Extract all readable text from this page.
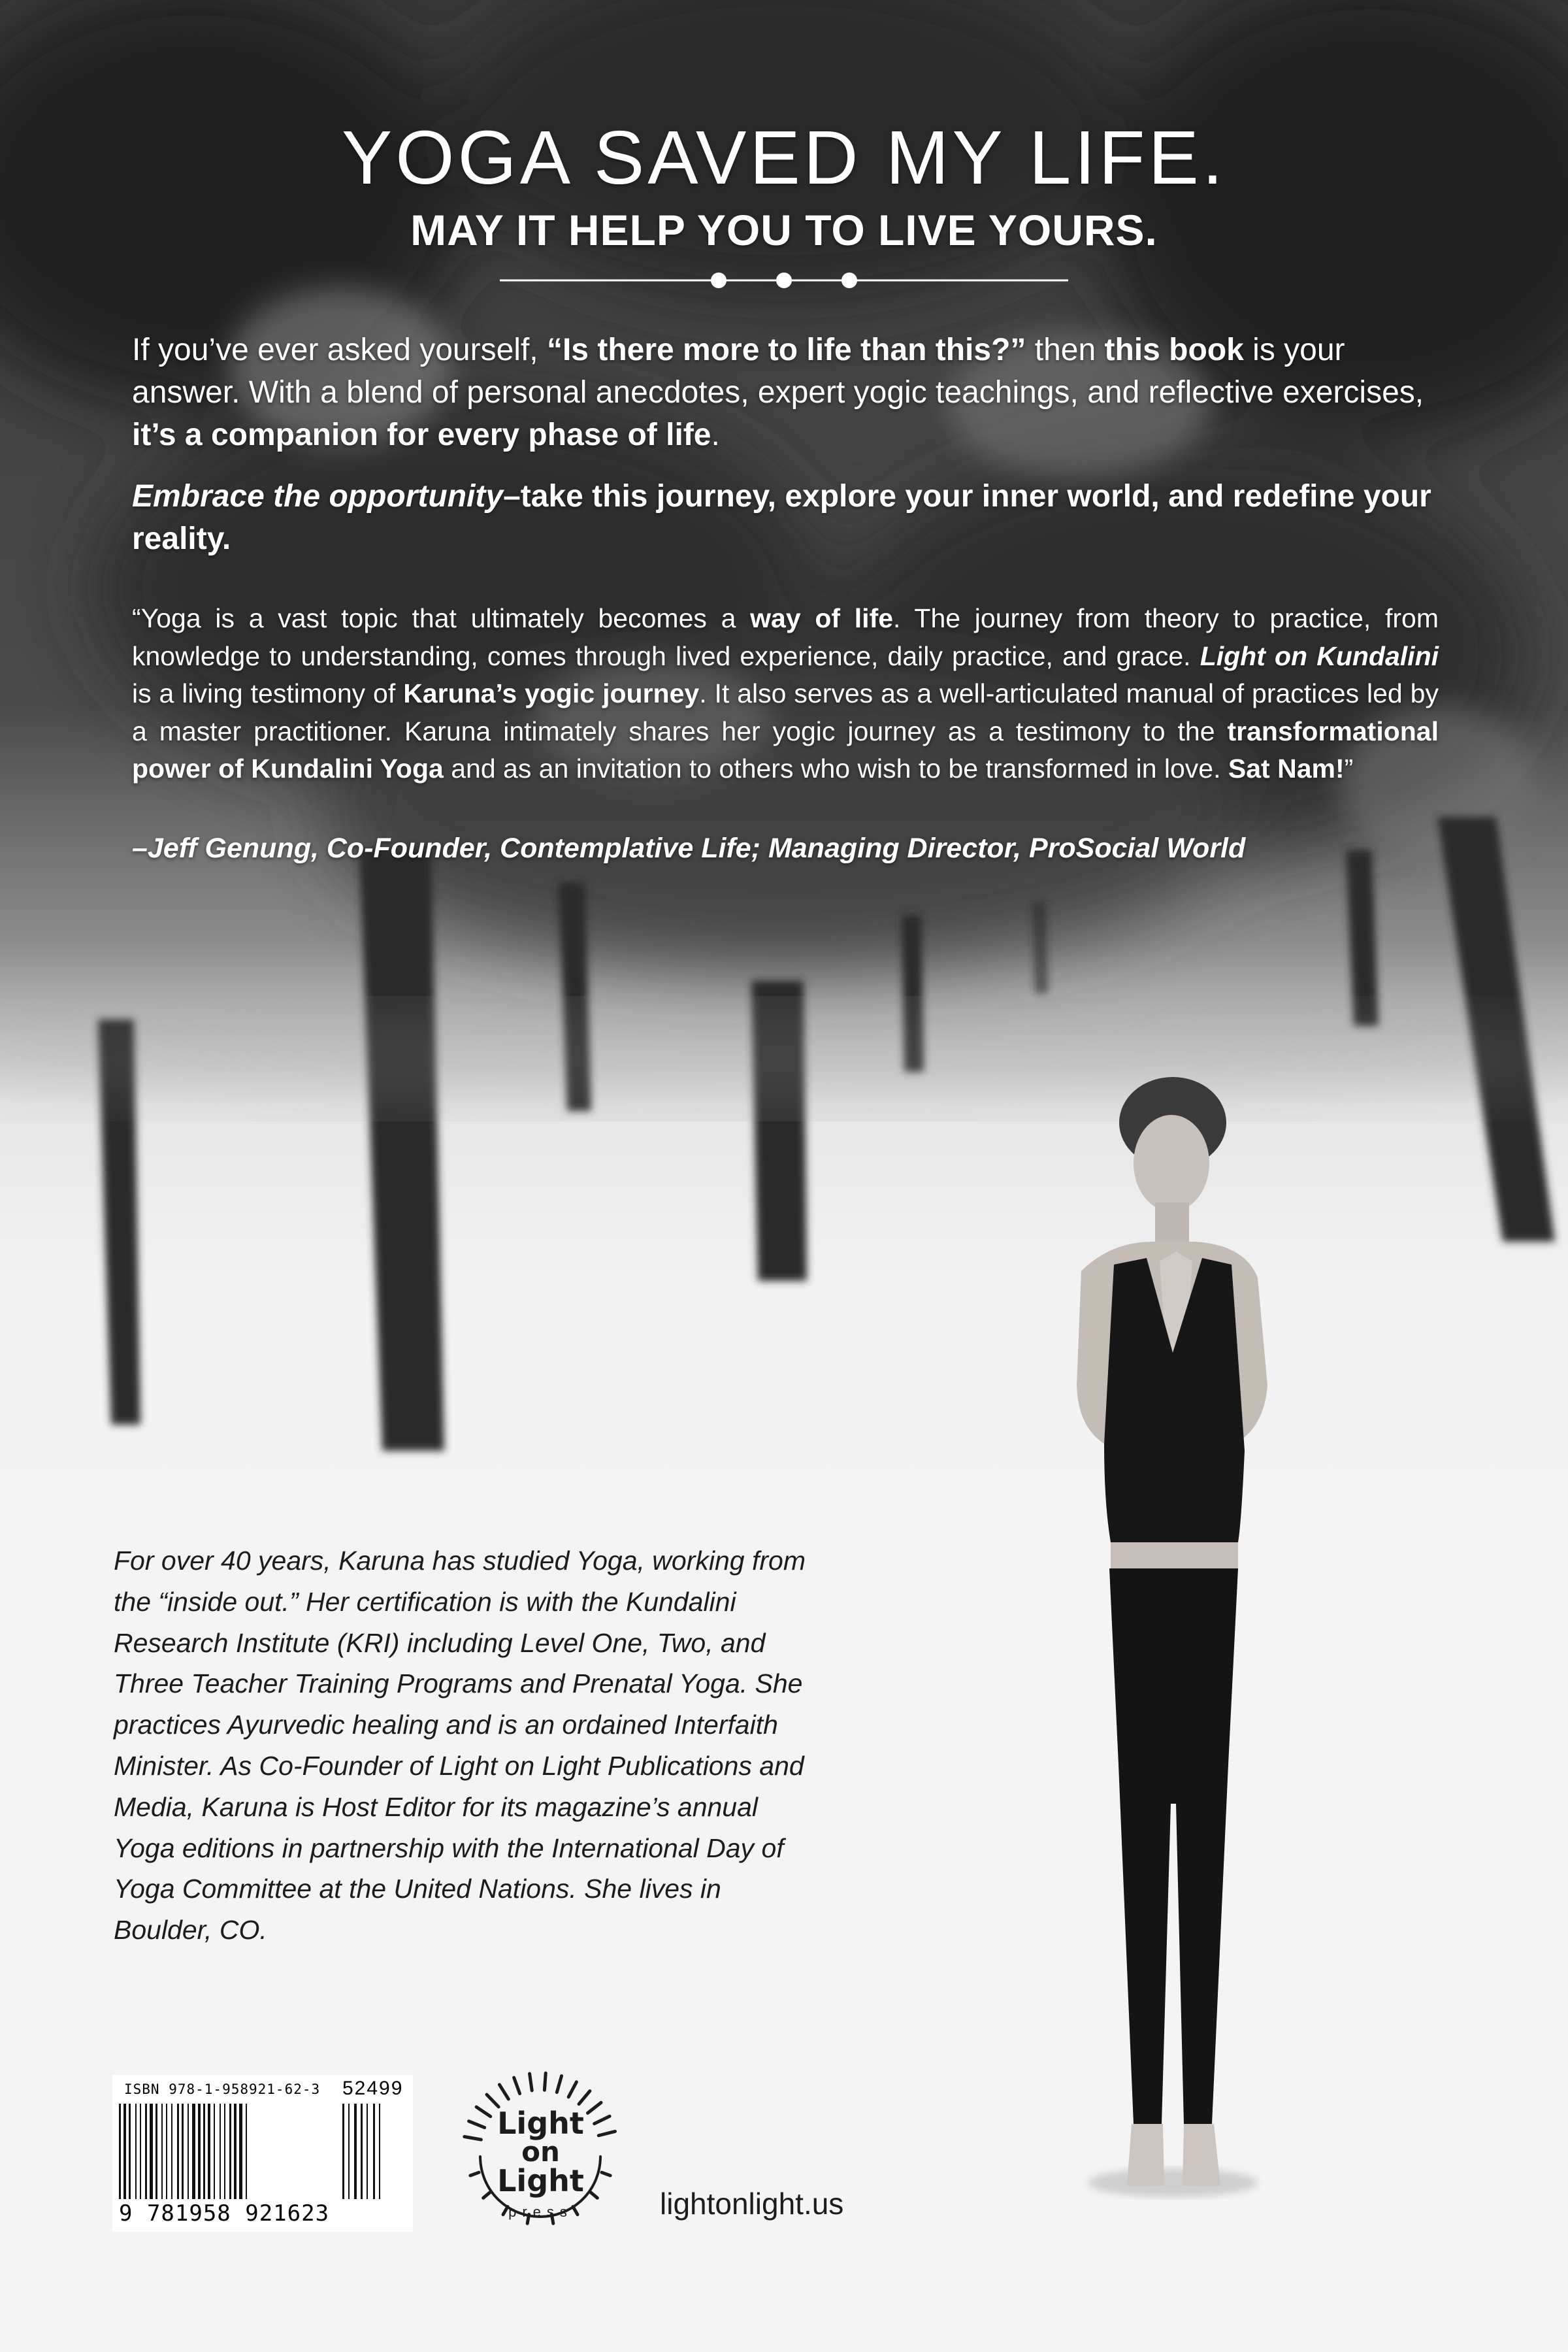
YOGA SAVED MY LIFE.
MAY IT HELP YOU TO LIVE YOURS.

If you’ve ever asked yourself, “Is there more to life than this?” then this book is your answer. With a blend of personal anecdotes, expert yogic teachings, and reflective exercises, it’s a companion for every phase of life.

Embrace the opportunity–take this journey, explore your inner world, and redefine your reality.

“Yoga is a vast topic that ultimately becomes a way of life. The journey from theory to practice, from knowledge to understanding, comes through lived experience, daily practice, and grace. Light on Kundalini is a living testimony of Karuna’s yogic journey. It also serves as a well-articulated manual of practices led by a master practitioner. Karuna intimately shares her yogic journey as a testimony to the transformational power of Kundalini Yoga and as an invitation to others who wish to be transformed in love. Sat Nam!”

–Jeff Genung, Co-Founder, Contemplative Life; Managing Director, ProSocial World

For over 40 years, Karuna has studied Yoga, working from the “inside out.” Her certification is with the Kundalini Research Institute (KRI) including Level One, Two, and Three Teacher Training Programs and Prenatal Yoga. She practices Ayurvedic healing and is an ordained Interfaith Minister. As Co-Founder of Light on Light Publications and Media, Karuna is Host Editor for its magazine’s annual Yoga editions in partnership with the International Day of Yoga Committee at the United Nations. She lives in Boulder, CO.

ISBN 978-1-958921-62-3 52499
9 781958 921623
Light
on
Light
press	lightonlight.us
